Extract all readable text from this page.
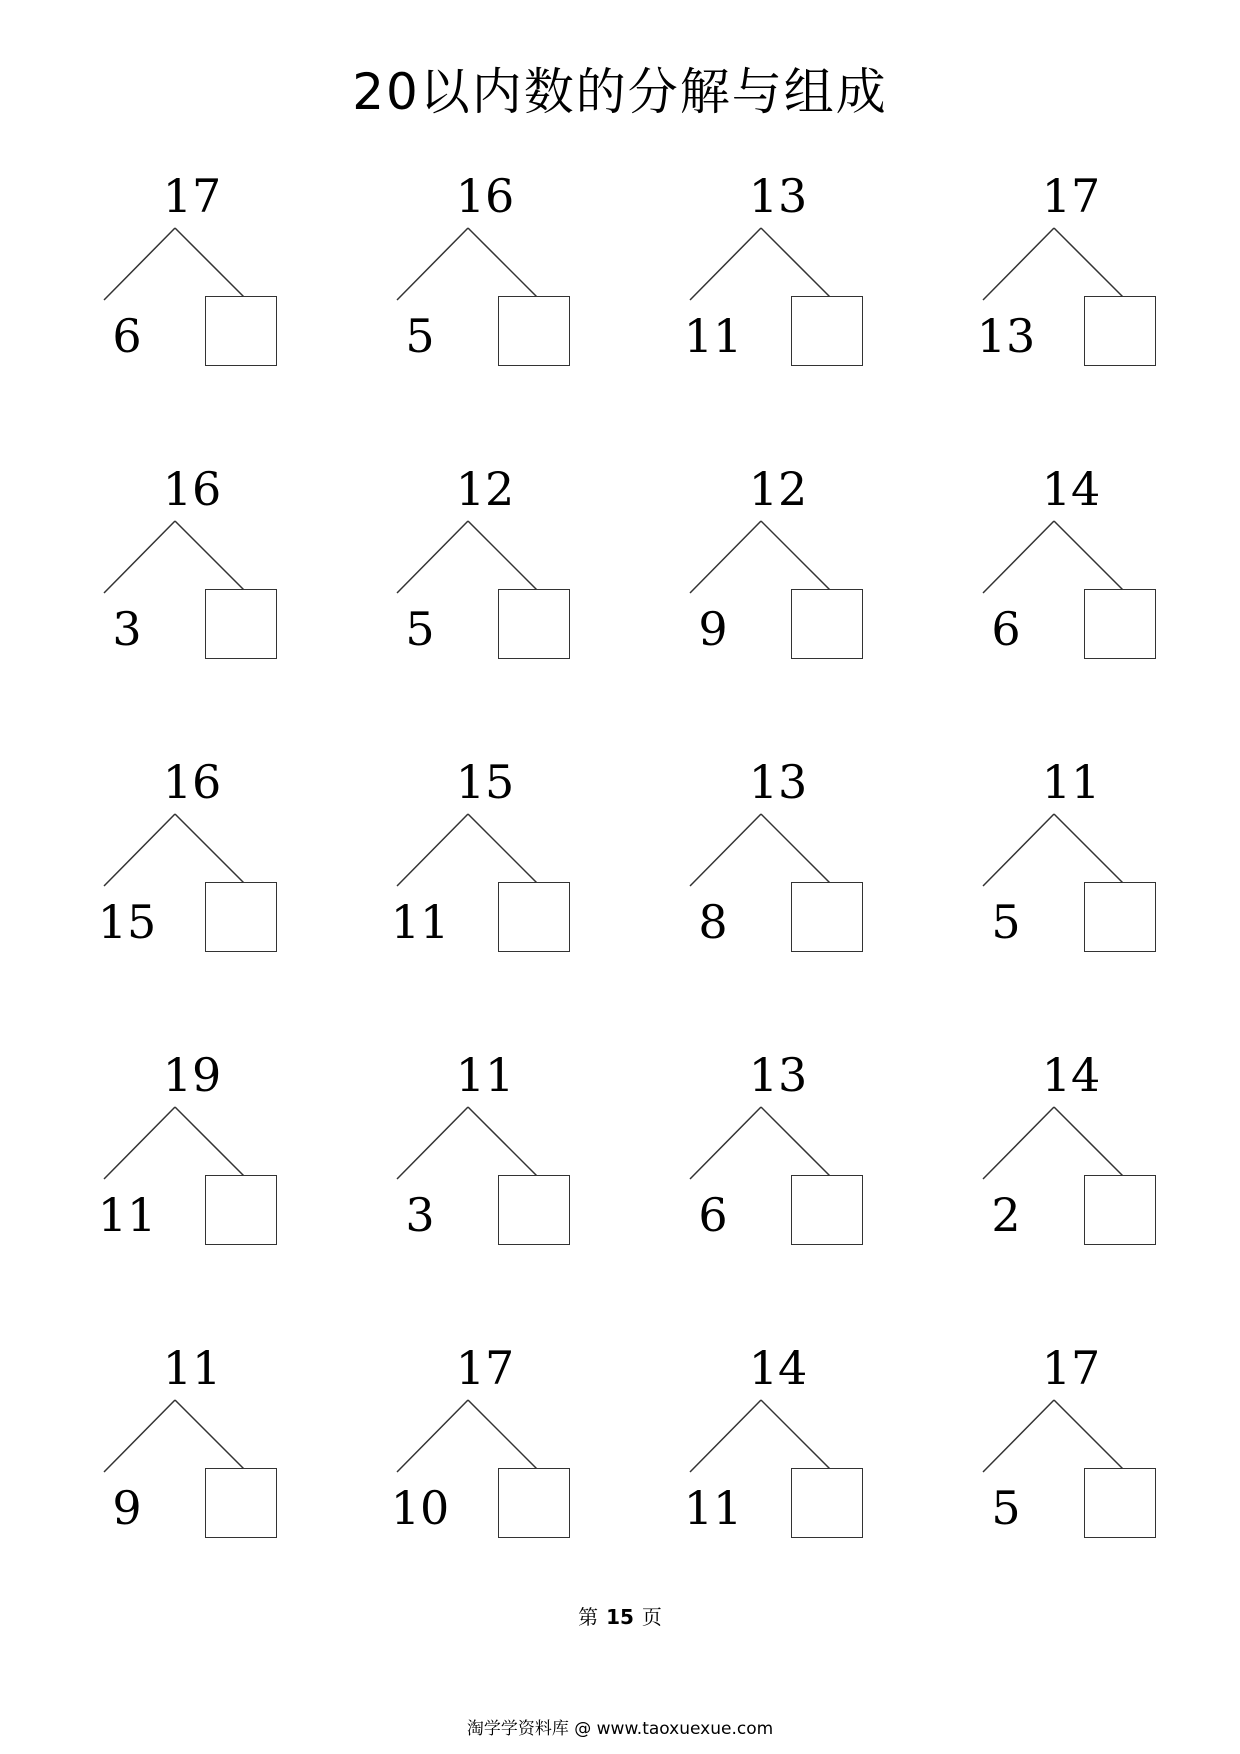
20以内数的分解与组成
17
6
16
5
13
11
17
13
16
3
12
5
12
9
14
6
16
15
15
11
13
8
11
5
19
11
11
3
13
6
14
2
11
9
17
10
14
11
17
5
第 15 页
淘学学资料库 @ www.taoxuexue.com
